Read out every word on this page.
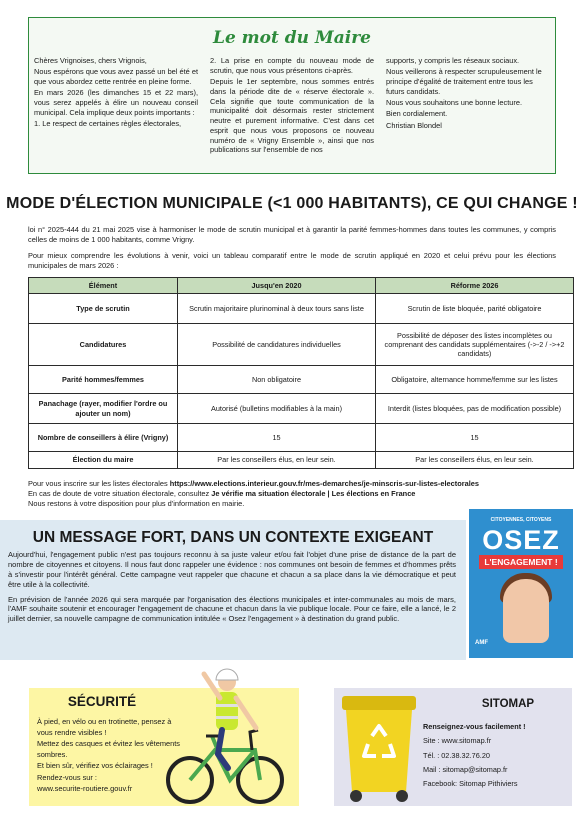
Le mot du Maire

Chères Vrignoises, chers Vrignois,

Nous espérons que vous avez passé un bel été et que vous abordez cette rentrée en pleine forme.

En mars 2026 (les dimanches 15 et 22 mars), vous serez appelés à élire un nouveau conseil municipal. Cela implique deux points importants :

1. Le respect de certaines règles électorales,

2. La prise en compte du nouveau mode de scrutin, que nous vous présentons ci-après.

Depuis le 1er septembre, nous sommes entrés dans la période dite de « réserve électorale ». Cela signifie que toute communication de la municipalité doit désormais rester strictement neutre et purement informative. C'est dans cet esprit que nous vous proposons ce nouveau numéro de « Vrigny Ensemble », ainsi que nos publications sur l'ensemble de nos

supports, y compris les réseaux sociaux.

Nous veillerons à respecter scrupuleusement le principe d'égalité de traitement entre tous les futurs candidats.

Nous vous souhaitons une bonne lecture.

Bien cordialement.

Christian Blondel

MODE D'ÉLECTION MUNICIPALE (<1 000 HABITANTS), CE QUI CHANGE !

loi n° 2025-444 du 21 mai 2025 vise à harmoniser le mode de scrutin municipal et à garantir la parité femmes-hommes dans toutes les communes, y compris celles de moins de 1 000 habitants, comme Vrigny.

Pour mieux comprendre les évolutions à venir, voici un tableau comparatif entre le mode de scrutin appliqué en 2020 et celui prévu pour les élections municipales de mars 2026 :

Élément	Jusqu'en 2020	Réforme 2026
Type de scrutin	Scrutin majoritaire plurinominal à deux tours sans liste	Scrutin de liste bloquée, parité obligatoire
Candidatures	Possibilité de candidatures individuelles	Possibilité de déposer des listes incomplètes ou comprenant des candidats supplémentaires (->-2 / ->+2 candidats)
Parité hommes/femmes	Non obligatoire	Obligatoire, alternance homme/femme sur les listes
Panachage (rayer, modifier l'ordre ou ajouter un nom)	Autorisé (bulletins modifiables à la main)	Interdit (listes bloquées, pas de modification possible)
Nombre de conseillers à élire (Vrigny)	15	15
Élection du maire	Par les conseillers élus, en leur sein.	Par les conseillers élus, en leur sein.
Pour vous inscrire sur les listes électorales https://www.elections.interieur.gouv.fr/mes-demarches/je-minscris-sur-listes-electorales
En cas de doute de votre situation électorale, consultez Je vérifie ma situation électorale | Les élections en France
Nous restons à votre disposition pour plus d'information en mairie.
UN MESSAGE FORT, DANS UN CONTEXTE EXIGEANT

Aujourd'hui, l'engagement public n'est pas toujours reconnu à sa juste valeur et/ou fait l'objet d'une prise de distance de la part de nombre de citoyennes et citoyens. Il nous faut donc rappeler une évidence : nos communes ont besoin de femmes et d'hommes prêts à s'investir pour l'intérêt général. Cette campagne veut rappeler que chacune et chacun a sa place dans la vie démocratique et peut être utile à la collectivité.

En prévision de l'année 2026 qui sera marquée par l'organisation des élections municipales et inter-communales au mois de mars, l'AMF souhaite soutenir et encourager l'engagement de chacune et chacun dans la vie publique locale. Pour ce faire, elle a lancé, le 2 juillet dernier, sa nouvelle campagne de communication intitulée « Osez l'engagement » à destination du grand public.

CITOYENNES, CITOYENS
OSEZ
L'ENGAGEMENT !
AMF
SÉCURITÉ

À pied, en vélo ou en trotinette, pensez à vous rendre visibles !

Mettez des casques et évitez les vêtements sombres.

Et bien sûr, vérifiez vos éclairages !

Rendez-vous sur :

www.securite-routiere.gouv.fr

SITOMAP

Renseignez-vous facilement !

Site : www.sitomap.fr

Tél. : 02.38.32.76.20

Mail : sitomap@sitomap.fr

Facebook: Sitomap Pithiviers
